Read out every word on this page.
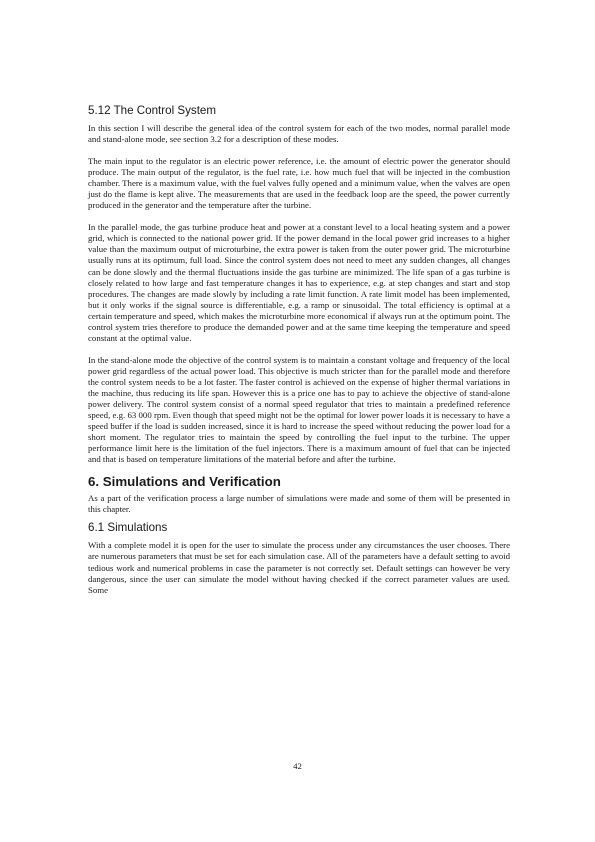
5.12 The Control System

In this section I will describe the general idea of the control system for each of the two modes, normal parallel mode and stand-alone mode, see section 3.2 for a description of these modes.

The main input to the regulator is an electric power reference, i.e. the amount of electric power the generator should produce. The main output of the regulator, is the fuel rate, i.e. how much fuel that will be injected in the combustion chamber. There is a maximum value, with the fuel valves fully opened and a minimum value, when the valves are open just do the flame is kept alive. The measurements that are used in the feedback loop are the speed, the power currently produced in the generator and the temperature after the turbine.

In the parallel mode, the gas turbine produce heat and power at a constant level to a local heating system and a power grid, which is connected to the national power grid. If the power demand in the local power grid increases to a higher value than the maximum output of microturbine, the extra power is taken from the outer power grid. The microturbine usually runs at its optimum, full load. Since the control system does not need to meet any sudden changes, all changes can be done slowly and the thermal fluctuations inside the gas turbine are minimized. The life span of a gas turbine is closely related to how large and fast temperature changes it has to experience, e.g. at step changes and start and stop procedures. The changes are made slowly by including a rate limit function. A rate limit model has been implemented, but it only works if the signal source is differentiable, e.g. a ramp or sinusoidal. The total efficiency is optimal at a certain temperature and speed, which makes the microturbine more economical if always run at the optimum point. The control system tries therefore to produce the demanded power and at the same time keeping the temperature and speed constant at the optimal value.

In the stand-alone mode the objective of the control system is to maintain a constant voltage and frequency of the local power grid regardless of the actual power load. This objective is much stricter than for the parallel mode and therefore the control system needs to be a lot faster. The faster control is achieved on the expense of higher thermal variations in the machine, thus reducing its life span. However this is a price one has to pay to achieve the objective of stand-alone power delivery. The control system consist of a normal speed regulator that tries to maintain a predefined reference speed, e.g. 63 000 rpm. Even though that speed might not be the optimal for lower power loads it is necessary to have a speed buffer if the load is sudden increased, since it is hard to increase the speed without reducing the power load for a short moment. The regulator tries to maintain the speed by controlling the fuel input to the turbine. The upper performance limit here is the limitation of the fuel injectors. There is a maximum amount of fuel that can be injected and that is based on temperature limitations of the material before and after the turbine.

6. Simulations and Verification

As a part of the verification process a large number of simulations were made and some of them will be presented in this chapter.

6.1 Simulations

With a complete model it is open for the user to simulate the process under any circumstances the user chooses. There are numerous parameters that must be set for each simulation case. All of the parameters have a default setting to avoid tedious work and numerical problems in case the parameter is not correctly set. Default settings can however be very dangerous, since the user can simulate the model without having checked if the correct parameter values are used. Some

42
